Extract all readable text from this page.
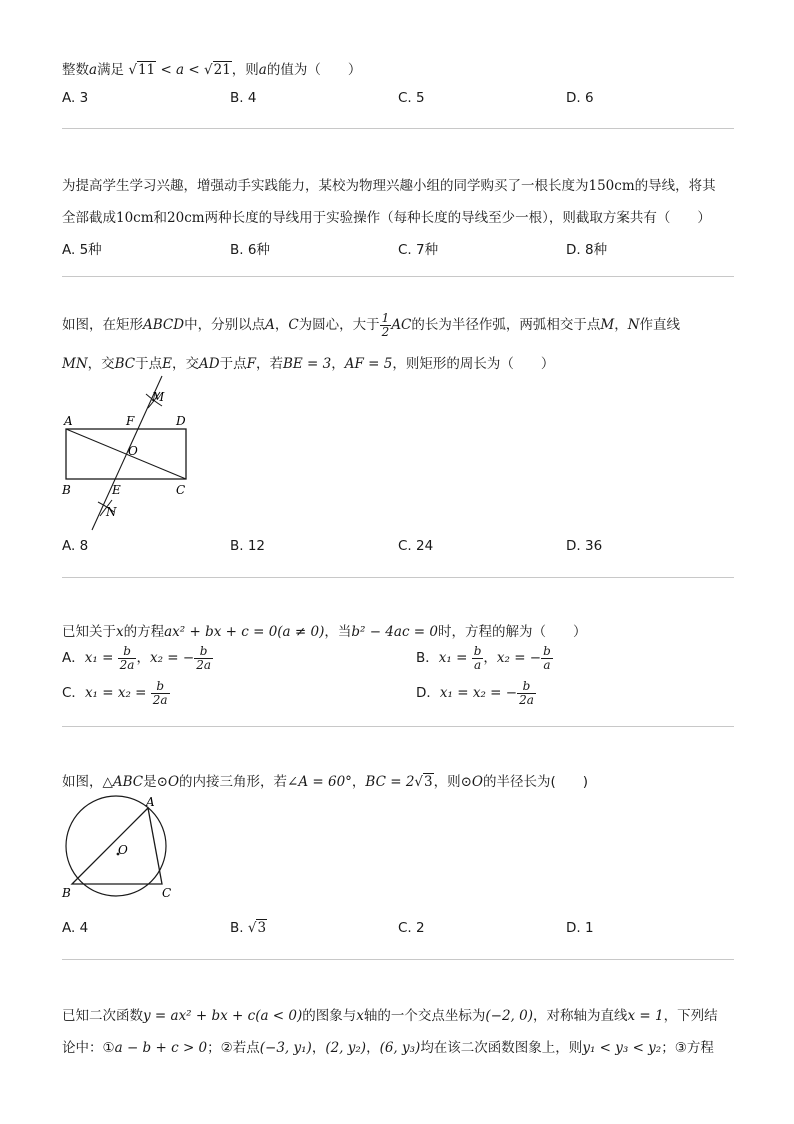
整数a满足 √11 < a < √21，则a的值为（　　）
A. 3	B. 4	C. 5	D. 6
为提高学生学习兴趣，增强动手实践能力，某校为物理兴趣小组的同学购买了一根长度为150cm的导线，将其
全部截成10cm和20cm两种长度的导线用于实验操作（每种长度的导线至少一根），则截取方案共有（　　）
A. 5种	B. 6种	C. 7种	D. 8种
如图，在矩形ABCD中，分别以点A，C为圆心，大于 $\frac{1}{2}$ AC的长为半径作弧，两弧相交于点M，N作直线
MN，交BC于点E，交AD于点F，若BE = 3，AF = 5，则矩形的周长为（　　）
A	F	D
M
O
B	E	C
N
A. 8	B. 12	C. 24	D. 36
已知关于x的方程ax² + bx + c = 0(a ≠ 0)，当b² − 4ac = 0时，方程的解为（　　）
A．$x_1 = \frac{b}{2a}$ ，x₂ = − $\frac{b}{2a}$	B．$x_1 = \frac{b}{a}$ ，x₂ = − $\frac{b}{a}$
C．$x_1 = x_2 = \frac{b}{2a}$	D．x₁ = x₂ = − $\frac{b}{2a}$
如图，△ABC是⊙O的内接三角形，若∠A = 60°，BC = 2√3，则⊙O的半径长为(　　)
A
O
B	C
A. 4	B. √3	C. 2	D. 1
已知二次函数y = ax² + bx + c(a < 0)的图象与x轴的一个交点坐标为(−2, 0)，对称轴为直线x = 1，下列结
论中：①a − b + c > 0；②若点(−3, y₁)，(2, y₂)，(6, y₃)均在该二次函数图象上，则y₁ < y₃ < y₂；③方程
